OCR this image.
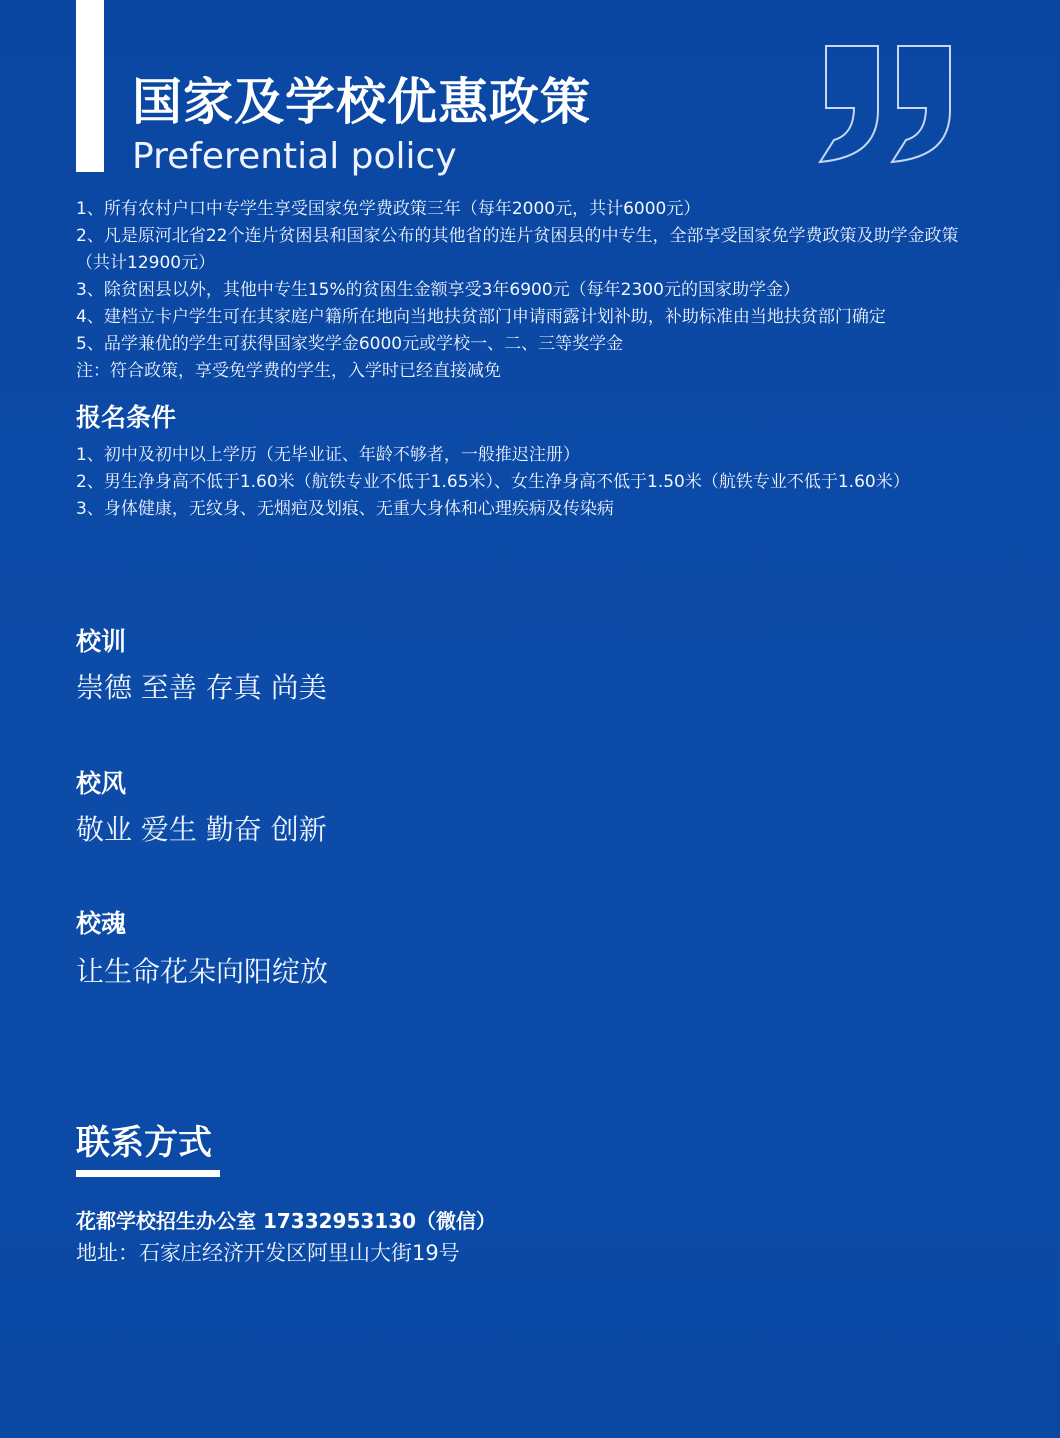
国家及学校优惠政策
Preferential policy

1、所有农村户口中专学生享受国家免学费政策三年（每年2000元，共计6000元）

2、凡是原河北省22个连片贫困县和国家公布的其他省的连片贫困县的中专生，全部享受国家免学费政策及助学金政策（共计12900元）

3、除贫困县以外，其他中专生15%的贫困生金额享受3年6900元（每年2300元的国家助学金）

4、建档立卡户学生可在其家庭户籍所在地向当地扶贫部门申请雨露计划补助，补助标准由当地扶贫部门确定

5、品学兼优的学生可获得国家奖学金6000元或学校一、二、三等奖学金

注：符合政策，享受免学费的学生，入学时已经直接减免

报名条件

1、初中及初中以上学历（无毕业证、年龄不够者，一般推迟注册）

2、男生净身高不低于1.60米（航铁专业不低于1.65米）、女生净身高不低于1.50米（航铁专业不低于1.60米）

3、身体健康，无纹身、无烟疤及划痕、无重大身体和心理疾病及传染病

校训

崇德 至善 存真 尚美

校风

敬业 爱生 勤奋 创新

校魂

让生命花朵向阳绽放

联系方式

花都学校招生办公室 17332953130（微信）

地址：石家庄经济开发区阿里山大街19号
